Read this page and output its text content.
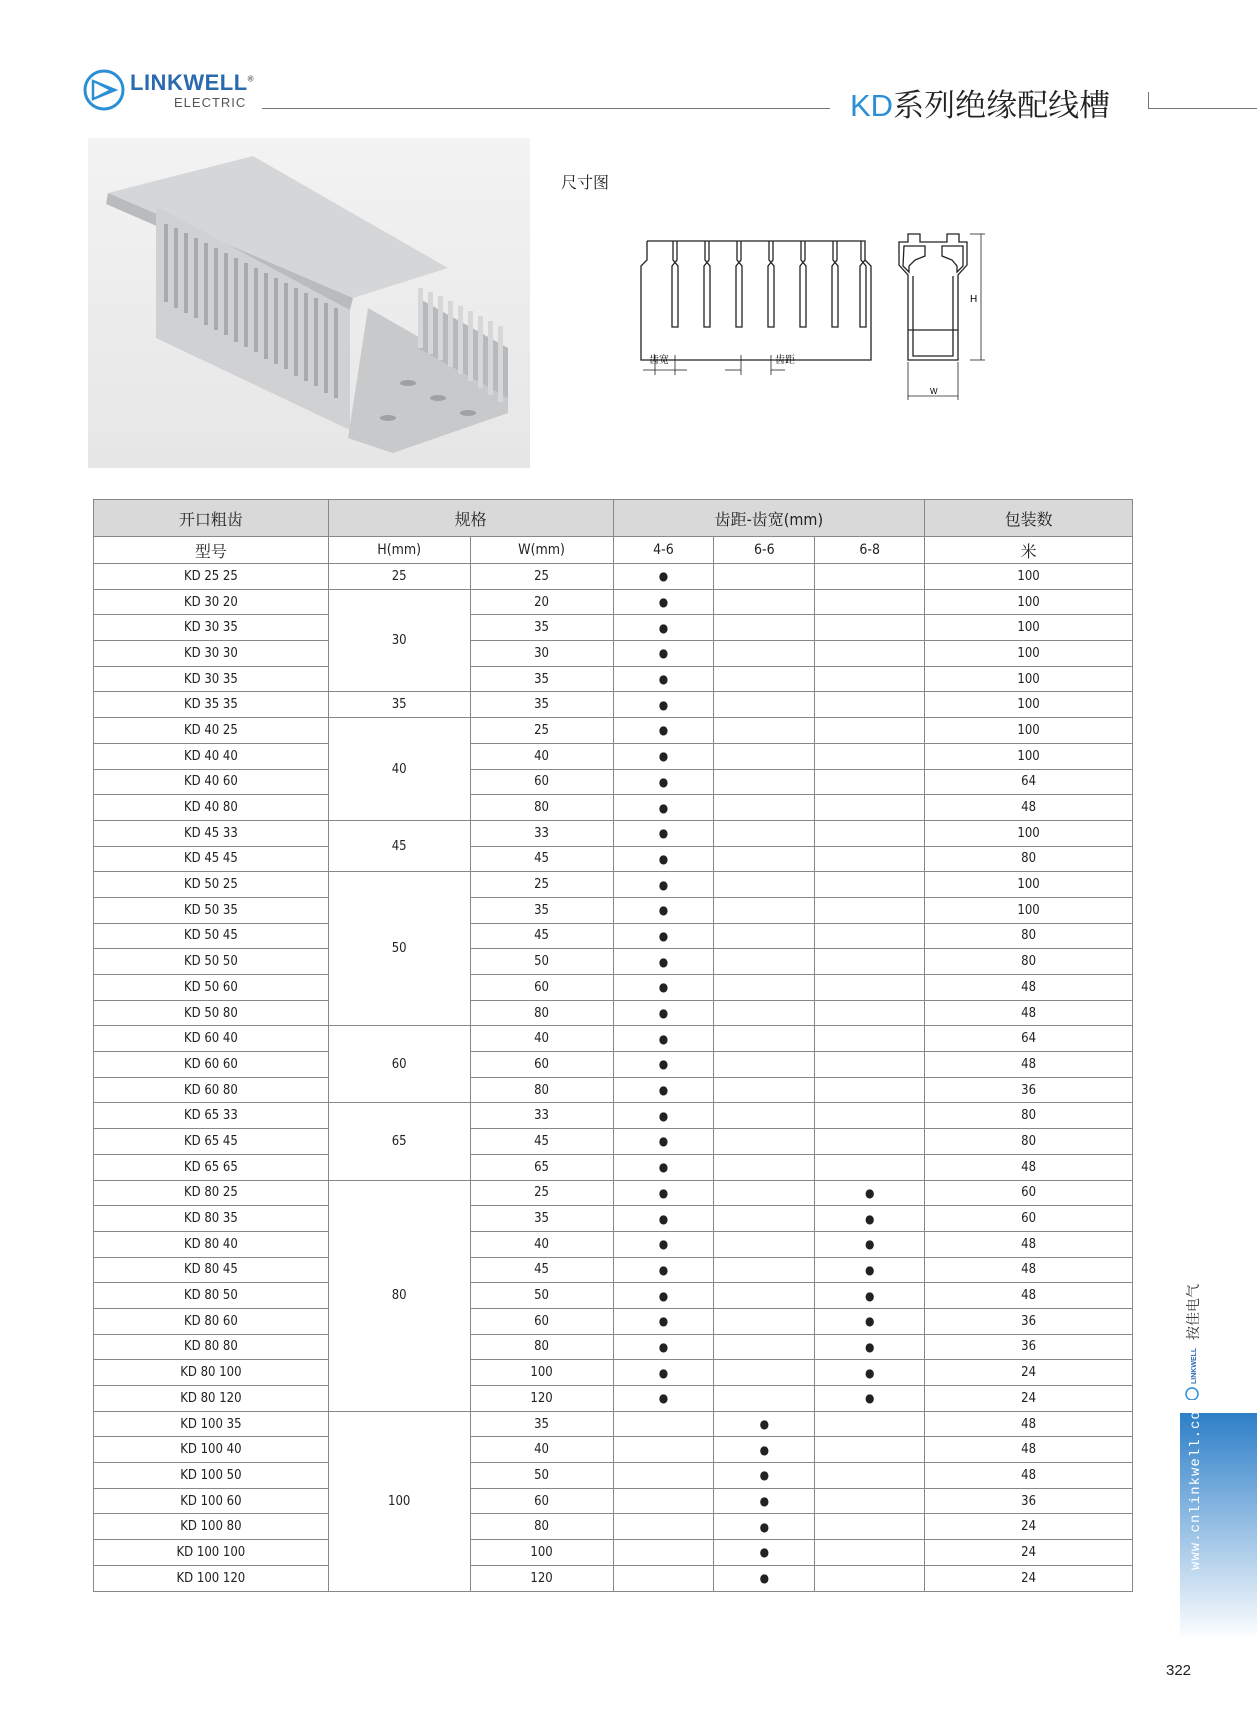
LINKWELL®
ELECTRIC	KD系列绝缘配线槽
尺寸图
齿宽	齿距
H
W
开口粗齿	规格		齿距-齿宽(mm)			包装数
型号	H(mm)	W(mm)	4-6	6-6	6-8	米
KD 25 25	25	25	●			100
KD 30 20	30	20	●			100
KD 30 35		35	●			100
KD 30 30		30	●			100
KD 30 35		35	●			100
KD 35 35	35	35	●			100
KD 40 25	40	25	●			100
KD 40 40		40	●			100
KD 40 60		60	●			64
KD 40 80		80	●			48
KD 45 33	45	33	●			100
KD 45 45		45	●			80
KD 50 25	50	25	●			100
KD 50 35		35	●			100
KD 50 45		45	●			80
KD 50 50		50	●			80
KD 50 60		60	●			48
KD 50 80		80	●			48
KD 60 40	60	40	●			64
KD 60 60		60	●			48
KD 60 80		80	●			36
KD 65 33	65	33	●			80
KD 65 45		45	●			80
KD 65 65		65	●			48
KD 80 25	80	25	●		●	60
KD 80 35		35	●		●	60
KD 80 40		40	●		●	48
KD 80 45		45	●		●	48
KD 80 50		50	●		●	48
KD 80 60		60	●		●	36
KD 80 80		80	●		●	36
KD 80 100		100	●		●	24
KD 80 120		120	●		●	24
KD 100 35	100	35		●		48
KD 100 40		40		●		48
KD 100 50		50		●		48
KD 100 60		60		●		36
KD 100 80		80		●		24
KD 100 100		100		●		24
KD 100 120		120		●		24
LINKWELL
按佳电气
www.cnlinkwell.com
322
